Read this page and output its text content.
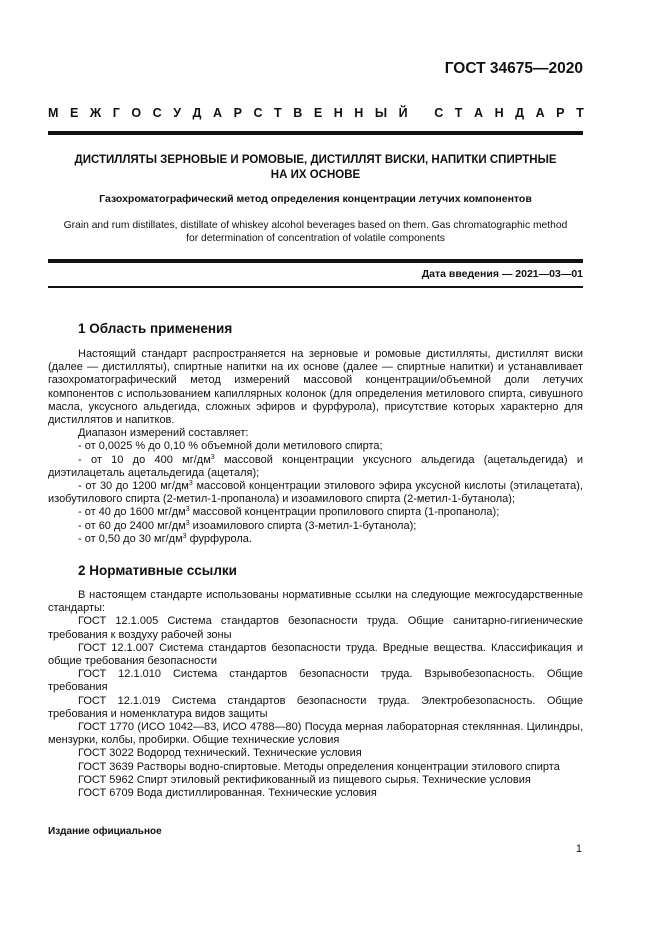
ГОСТ 34675—2020
М Е Ж Г О С У Д А Р С Т В Е Н Н Ы Й
С Т А Н Д А Р Т
ДИСТИЛЛЯТЫ ЗЕРНОВЫЕ И РОМОВЫЕ, ДИСТИЛЛЯТ ВИСКИ, НАПИТКИ СПИРТНЫЕ
НА ИХ ОСНОВЕ
Газохроматографический метод определения концентрации летучих компонентов
Grain and rum distillates, distillate of whiskey alcohol beverages based on them. Gas chromatographic method
for determination of concentration of volatile components
Дата введения — 2021—03—01
1 Область применения

Настоящий стандарт распространяется на зерновые и ромовые дистилляты, дистиллят виски (далее — дистилляты), спиртные напитки на их основе (далее — спиртные напитки) и устанавливает газохроматографический метод измерений массовой концентрации/объемной доли летучих компонентов с использованием капиллярных колонок (для определения метилового спирта, сивушного масла, уксусного альдегида, сложных эфиров и фурфурола), присутствие которых характерно для дистиллятов и напитков.

Диапазон измерений составляет:

- от 0,0025 % до 0,10 % объемной доли метилового спирта;

- от 10 до 400 $мг/дм^3$ массовой концентрации уксусного альдегида (ацетальдегида) и диэтилацеталь ацетальдегида (ацеталя);

- от 30 до 1200 $мг/дм^3$ массовой концентрации этилового эфира уксусной кислоты (этилацетата), изобутилового спирта (2-метил-1-пропанола) и изоамилового спирта (2-метил-1-бутанола);

- от 40 до 1600 $мг/дм^3$ массовой концентрации пропилового спирта (1-пропанола);

- от 60 до 2400 $мг/дм^3$ изоамилового спирта (3-метил-1-бутанола);

- от 0,50 до 30 $мг/дм^3$ фурфурола.

2 Нормативные ссылки

В настоящем стандарте использованы нормативные ссылки на следующие межгосударственные стандарты:

ГОСТ 12.1.005 Система стандартов безопасности труда. Общие санитарно-гигиенические требования к воздуху рабочей зоны

ГОСТ 12.1.007 Система стандартов безопасности труда. Вредные вещества. Классификация и общие требования безопасности

ГОСТ 12.1.010 Система стандартов безопасности труда. Взрывобезопасность. Общие требования

ГОСТ 12.1.019 Система стандартов безопасности труда. Электробезопасность. Общие требования и номенклатура видов защиты

ГОСТ 1770 (ИСО 1042—83, ИСО 4788—80) Посуда мерная лабораторная стеклянная. Цилиндры, мензурки, колбы, пробирки. Общие технические условия

ГОСТ 3022 Водород технический. Технические условия

ГОСТ 3639 Растворы водно-спиртовые. Методы определения концентрации этилового спирта

ГОСТ 5962 Спирт этиловый ректификованный из пищевого сырья. Технические условия

ГОСТ 6709 Вода дистиллированная. Технические условия

Издание официальное
1
